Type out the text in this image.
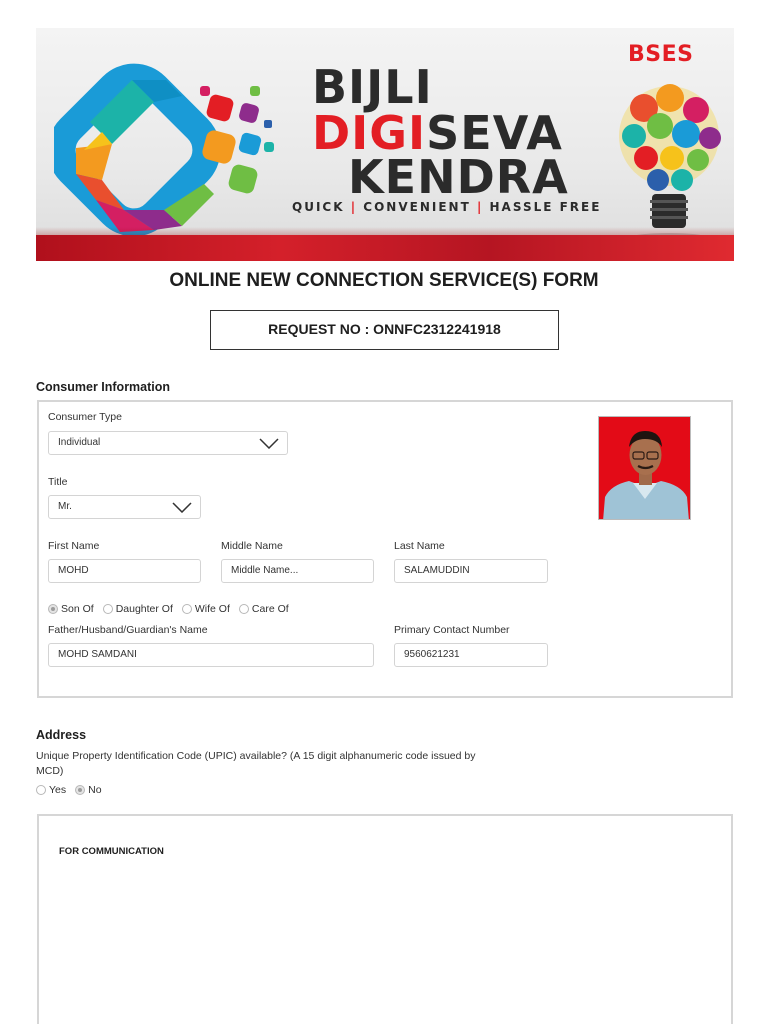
BIJLI
DIGISEVA
KENDRA
QUICK | CONVENIENT | HASSLE FREE
BSES
ONLINE NEW CONNECTION SERVICE(S) FORM
REQUEST NO : ONNFC2312241918
Consumer Information
Consumer Type
Individual
Title
Mr.
First Name
MOHD
Middle Name
Middle Name...
Last Name
SALAMUDDIN
Son Of Daughter Of Wife Of Care Of
Father/Husband/Guardian's Name
MOHD SAMDANI
Primary Contact Number
9560621231
Address
Unique Property Identification Code (UPIC) available? (A 15 digit alphanumeric code issued by MCD)
Yes No
FOR COMMUNICATION
